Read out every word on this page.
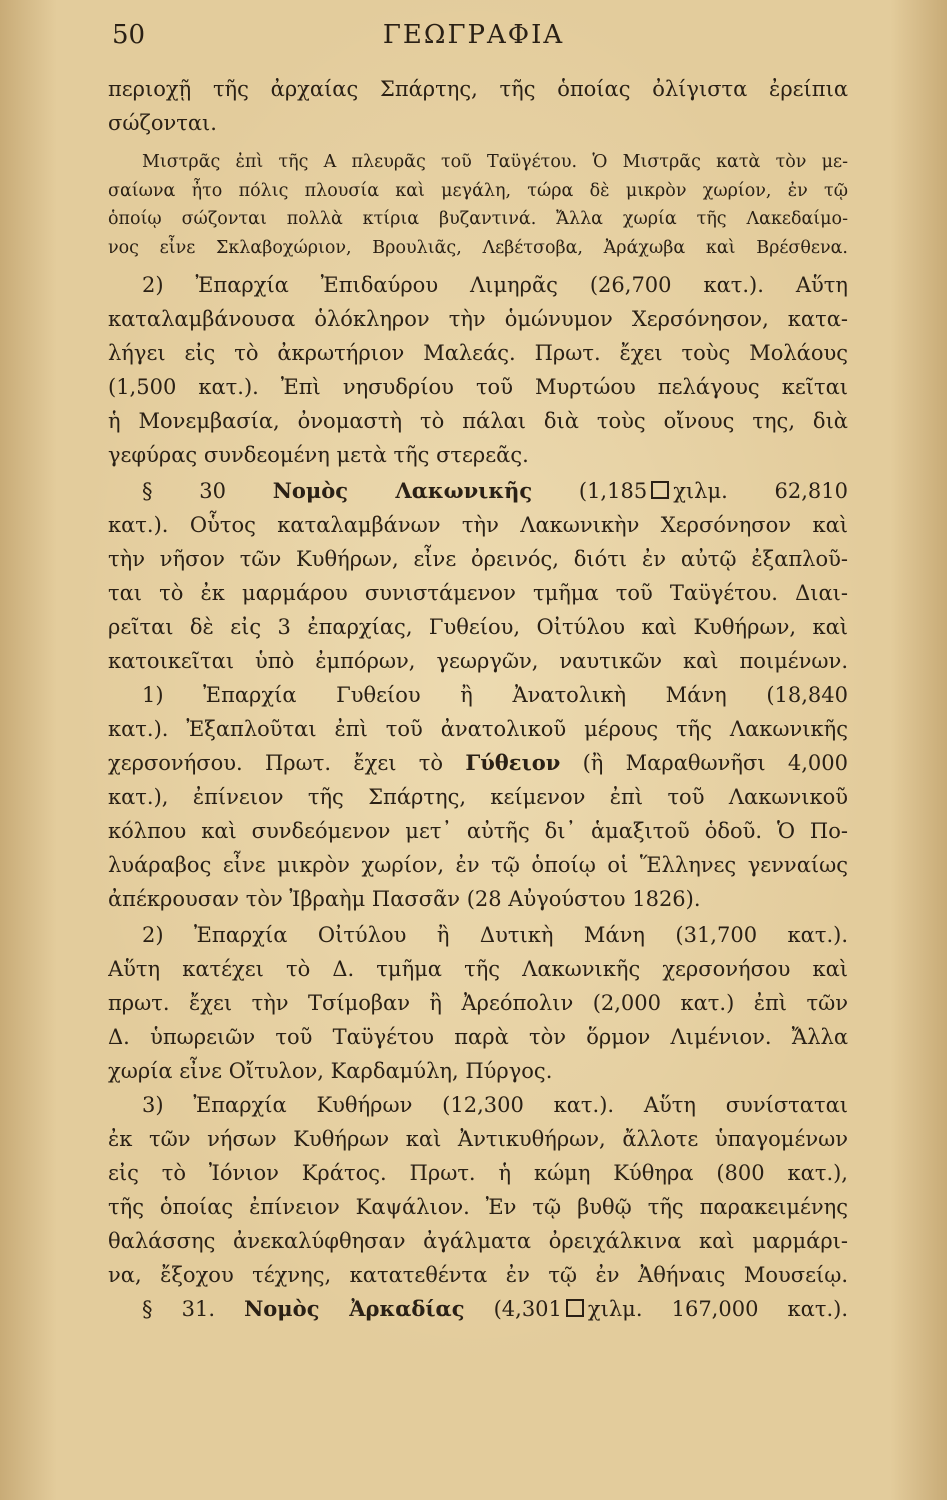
50	ΓΕΩΓΡΑΦΙΑ
περιοχῇ τῆς ἀρχαίας Σπάρτης, τῆς ὁποίας ὀλίγιστα ἐρείπια
σώζονται.
Μιστρᾶς ἐπὶ τῆς Α πλευρᾶς τοῦ Ταϋγέτου. Ὁ Μιστρᾶς κατὰ τὸν με-
σαίωνα ἦτο πόλις πλουσία καὶ μεγάλη, τώρα δὲ μικρὸν χωρίον, ἐν τῷ
ὁποίῳ σώζονται πολλὰ κτίρια βυζαντινά. Ἄλλα χωρία τῆς Λακεδαίμο-
νος εἶνε Σκλαβοχώριον, Βρουλιᾶς, Λεβέτσοβα, Ἀράχωβα καὶ Βρέσθενα.
2) Ἐπαρχία Ἐπιδαύρου Λιμηρᾶς (26,700 κατ.). Αὕτη
καταλαμβάνουσα ὁλόκληρον τὴν ὁμώνυμον Χερσόνησον, κατα-
λήγει εἰς τὸ ἀκρωτήριον Μαλεάς. Πρωτ. ἔχει τοὺς Μολάους
(1,500 κατ.). Ἐπὶ νησυδρίου τοῦ Μυρτώου πελάγους κεῖται
ἡ Μονεμβασία, ὀνομαστὴ τὸ πάλαι διὰ τοὺς οἴνους της, διὰ
γεφύρας συνδεομένη μετὰ τῆς στερεᾶς.
§ 30 Νομὸς Λακωνικῆς (1,185 χιλμ. 62,810
κατ.). Οὗτος καταλαμβάνων τὴν Λακωνικὴν Χερσόνησον καὶ
τὴν νῆσον τῶν Κυθήρων, εἶνε ὀρεινός, διότι ἐν αὐτῷ ἐξαπλοῦ-
ται τὸ ἐκ μαρμάρου συνιστάμενον τμῆμα τοῦ Ταϋγέτου. Διαι-
ρεῖται δὲ εἰς 3 ἐπαρχίας, Γυθείου, Οἰτύλου καὶ Κυθήρων, καὶ
κατοικεῖται ὑπὸ ἐμπόρων, γεωργῶν, ναυτικῶν καὶ ποιμένων.
1) Ἐπαρχία Γυθείου ἢ Ἀνατολικὴ Μάνη (18,840
κατ.). Ἐξαπλοῦται ἐπὶ τοῦ ἀνατολικοῦ μέρους τῆς Λακωνικῆς
χερσονήσου. Πρωτ. ἔχει τὸ Γύθειον (ἢ Μαραθωνῆσι 4,000
κατ.), ἐπίνειον τῆς Σπάρτης, κείμενον ἐπὶ τοῦ Λακωνικοῦ
κόλπου καὶ συνδεόμενον μετ᾽ αὐτῆς δι᾽ ἁμαξιτοῦ ὁδοῦ. Ὁ Πο-
λυάραβος εἶνε μικρὸν χωρίον, ἐν τῷ ὁποίῳ οἱ Ἕλληνες γενναίως
ἀπέκρουσαν τὸν Ἰβραὴμ Πασσᾶν (28 Αὐγούστου 1826).
2) Ἐπαρχία Οἰτύλου ἢ Δυτικὴ Μάνη (31,700 κατ.).
Αὕτη κατέχει τὸ Δ. τμῆμα τῆς Λακωνικῆς χερσονήσου καὶ
πρωτ. ἔχει τὴν Τσίμοβαν ἢ Ἀρεόπολιν (2,000 κατ.) ἐπὶ τῶν
Δ. ὑπωρειῶν τοῦ Ταϋγέτου παρὰ τὸν ὅρμον Λιμένιον. Ἄλλα
χωρία εἶνε Οἴτυλον, Καρδαμύλη, Πύργος.
3) Ἐπαρχία Κυθήρων (12,300 κατ.). Αὕτη συνίσταται
ἐκ τῶν νήσων Κυθήρων καὶ Ἀντικυθήρων, ἄλλοτε ὑπαγομένων
εἰς τὸ Ἰόνιον Κράτος. Πρωτ. ἡ κώμη Κύθηρα (800 κατ.),
τῆς ὁποίας ἐπίνειον Καψάλιον. Ἐν τῷ βυθῷ τῆς παρακειμένης
θαλάσσης ἀνεκαλύφθησαν ἀγάλματα ὀρειχάλκινα καὶ μαρμάρι-
να, ἔξοχου τέχνης, κατατεθέντα ἐν τῷ ἐν Ἀθήναις Μουσείῳ.
§ 31. Νομὸς Ἀρκαδίας (4,301 χιλμ. 167,000 κατ.).
